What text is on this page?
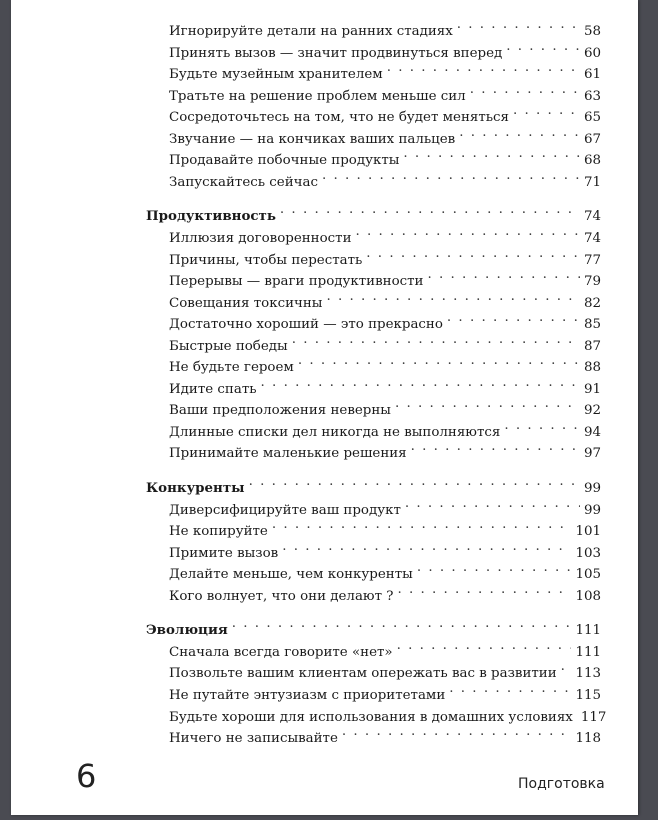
Игнорируйте детали на ранних стадиях . . .	58
Принять вызов — значит продвинуться вперед . . .	60
Будьте музейным хранителем . . .	61
Тратьте на решение проблем меньше сил . . .	63
Сосредоточьтесь на том, что не будет меняться . . .	65
Звучание — на кончиках ваших пальцев . . .	67
Продавайте побочные продукты . . .	68
Запускайтесь сейчас . . .	71
Продуктивность . . .	74
Иллюзия договоренности . . .	74
Причины, чтобы перестать . . .	77
Перерывы — враги продуктивности . . .	79
Совещания токсичны . . .	82
Достаточно хороший — это прекрасно . . .	85
Быстрые победы . . .	87
Не будьте героем . . .	88
Идите спать . . .	91
Ваши предположения неверны . . .	92
Длинные списки дел никогда не выполняются . . .	94
Принимайте маленькие решения . . .	97
Конкуренты . . .	99
Диверсифицируйте ваш продукт . . .	99
Не копируйте . . .	101
Примите вызов . . .	103
Делайте меньше, чем конкуренты . . .	105
Кого волнует, что они делают ? . . .	108
Эволюция . . .	111
Сначала всегда говорите «нет» . . .	111
Позвольте вашим клиентам опережать вас в развитии . . . 113
Не путайте энтузиазм с приоритетами . . .	115
Будьте хороши для использования в домашних условиях 117
Ничего не записывайте . . .	118
6	Подготовка
